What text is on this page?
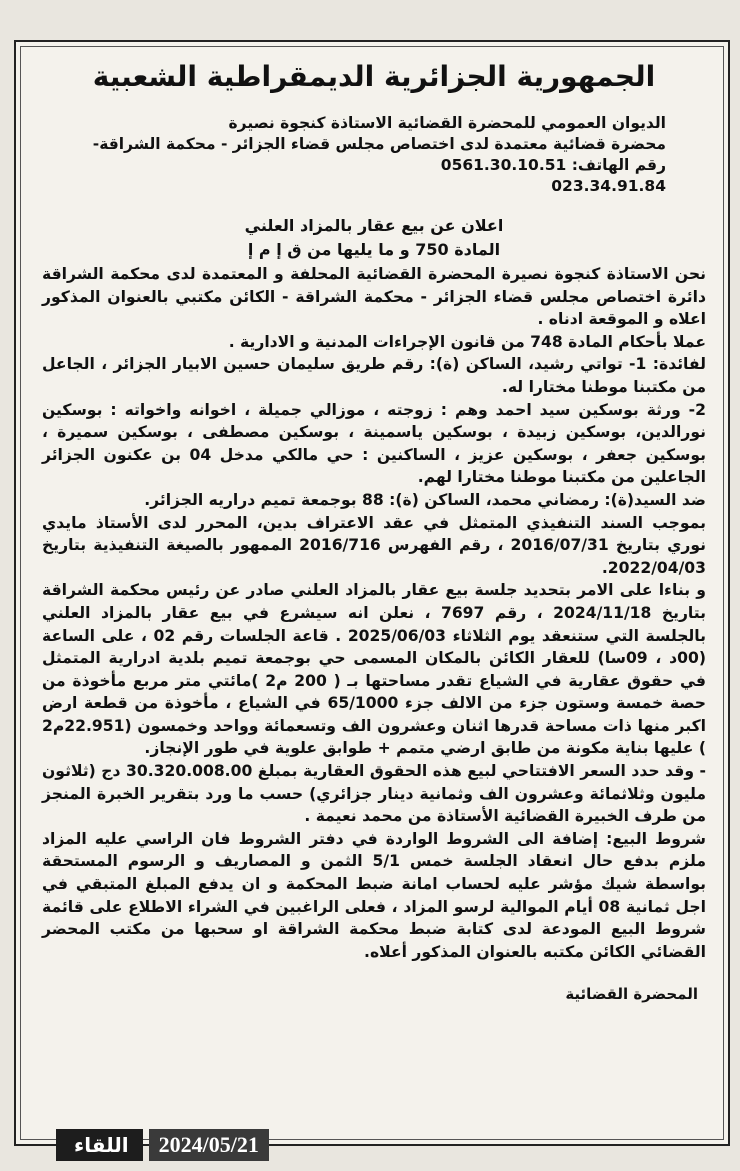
الجمهورية الجزائرية الديمقراطية الشعبية
الديوان العمومي للمحضرة القضائية الاستاذة كنجوة نصيرة
محضرة قضائية معتمدة لدى اختصاص مجلس قضاء الجزائر - محكمة الشراقة-
رقم الهاتف: 0561.30.10.51
023.34.91.84
اعلان عن بيع عقار بالمزاد العلني
المادة 750 و ما يليها من ق إ م إ

نحن الاستاذة كنجوة نصيرة المحضرة القضائية المحلفة و المعتمدة لدى محكمة الشراقة دائرة اختصاص مجلس قضاء الجزائر - محكمة الشراقة - الكائن مكتبي بالعنوان المذكور اعلاه و الموقعة ادناه .

عملا بأحكام المادة 748 من قانون الإجراءات المدنية و الادارية .

لفائدة: 1- تواتي رشيد، الساكن (ة): رقم طريق سليمان حسين الابيار الجزائر ، الجاعل من مكتبنا موطنا مختارا له.

2- ورثة بوسكين سيد احمد وهم : زوجته ، موزالي جميلة ، اخوانه واخواته : بوسكين نورالدين، بوسكين زبيدة ، بوسكين ياسمينة ، بوسكين مصطفى ، بوسكين سميرة ، بوسكين جعفر ، بوسكين عزيز ، الساكنين : حي مالكي مدخل 04 بن عكنون الجزائر الجاعلين من مكتبنا موطنا مختارا لهم.

ضد السيد(ة): رمضاني محمد، الساكن (ة): 88 بوجمعة تميم دراريه الجزائر.

بموجب السند التنفيذي المتمثل في عقد الاعتراف بدين، المحرر لدى الأستاذ مايدي نوري بتاريخ 2016/07/31 ، رقم الفهرس 2016/716 الممهور بالصيغة التنفيذية بتاريخ 2022/04/03.

و بناءا على الامر بتحديد جلسة بيع عقار بالمزاد العلني صادر عن رئيس محكمة الشراقة بتاريخ 2024/11/18 ، رقم 7697 ، نعلن انه سيشرع في بيع عقار بالمزاد العلني بالجلسة التي ستنعقد يوم الثلاثاء 2025/06/03 . قاعة الجلسات رقم 02 ، على الساعة (00د ، 09سا) للعقار الكائن بالمكان المسمى حي بوجمعة تميم بلدية ادرارية المتمثل في حقوق عقارية في الشياع تقدر مساحتها بـ ( 200 م2 )مائتي متر مربع مأخوذة من حصة خمسة وستون جزء من الالف جزء 65/1000 في الشياع ، مأخوذة من قطعة ارض اكبر منها ذات مساحة قدرها اثنان وعشرون الف وتسعمائة وواحد وخمسون (22.951م2 ) عليها بناية مكونة من طابق ارضي متمم + طوابق علوية في طور الإنجاز.

- وقد حدد السعر الافتتاحي لبيع هذه الحقوق العقارية بمبلغ 30.320.008.00 دج (ثلاثون مليون وثلاثمائة وعشرون الف وثمانية دينار جزائري) حسب ما ورد بتقرير الخبرة المنجز من طرف الخبيرة القضائية الأستاذة من محمد نعيمة .

شروط البيع: إضافة الى الشروط الواردة في دفتر الشروط فان الراسي عليه المزاد ملزم بدفع حال انعقاد الجلسة خمس 5/1 الثمن و المصاريف و الرسوم المستحقة بواسطة شيك مؤشر عليه لحساب امانة ضبط المحكمة و ان يدفع المبلغ المتبقي في اجل ثمانية 08 أيام الموالية لرسو المزاد ، فعلى الراغبين في الشراء الاطلاع على قائمة شروط البيع المودعة لدى كتابة ضبط محكمة الشراقة او سحبها من مكتب المحضر القضائي الكائن مكتبه بالعنوان المذكور أعلاه.

المحضرة القضائية
اللقاء	2024/05/21
